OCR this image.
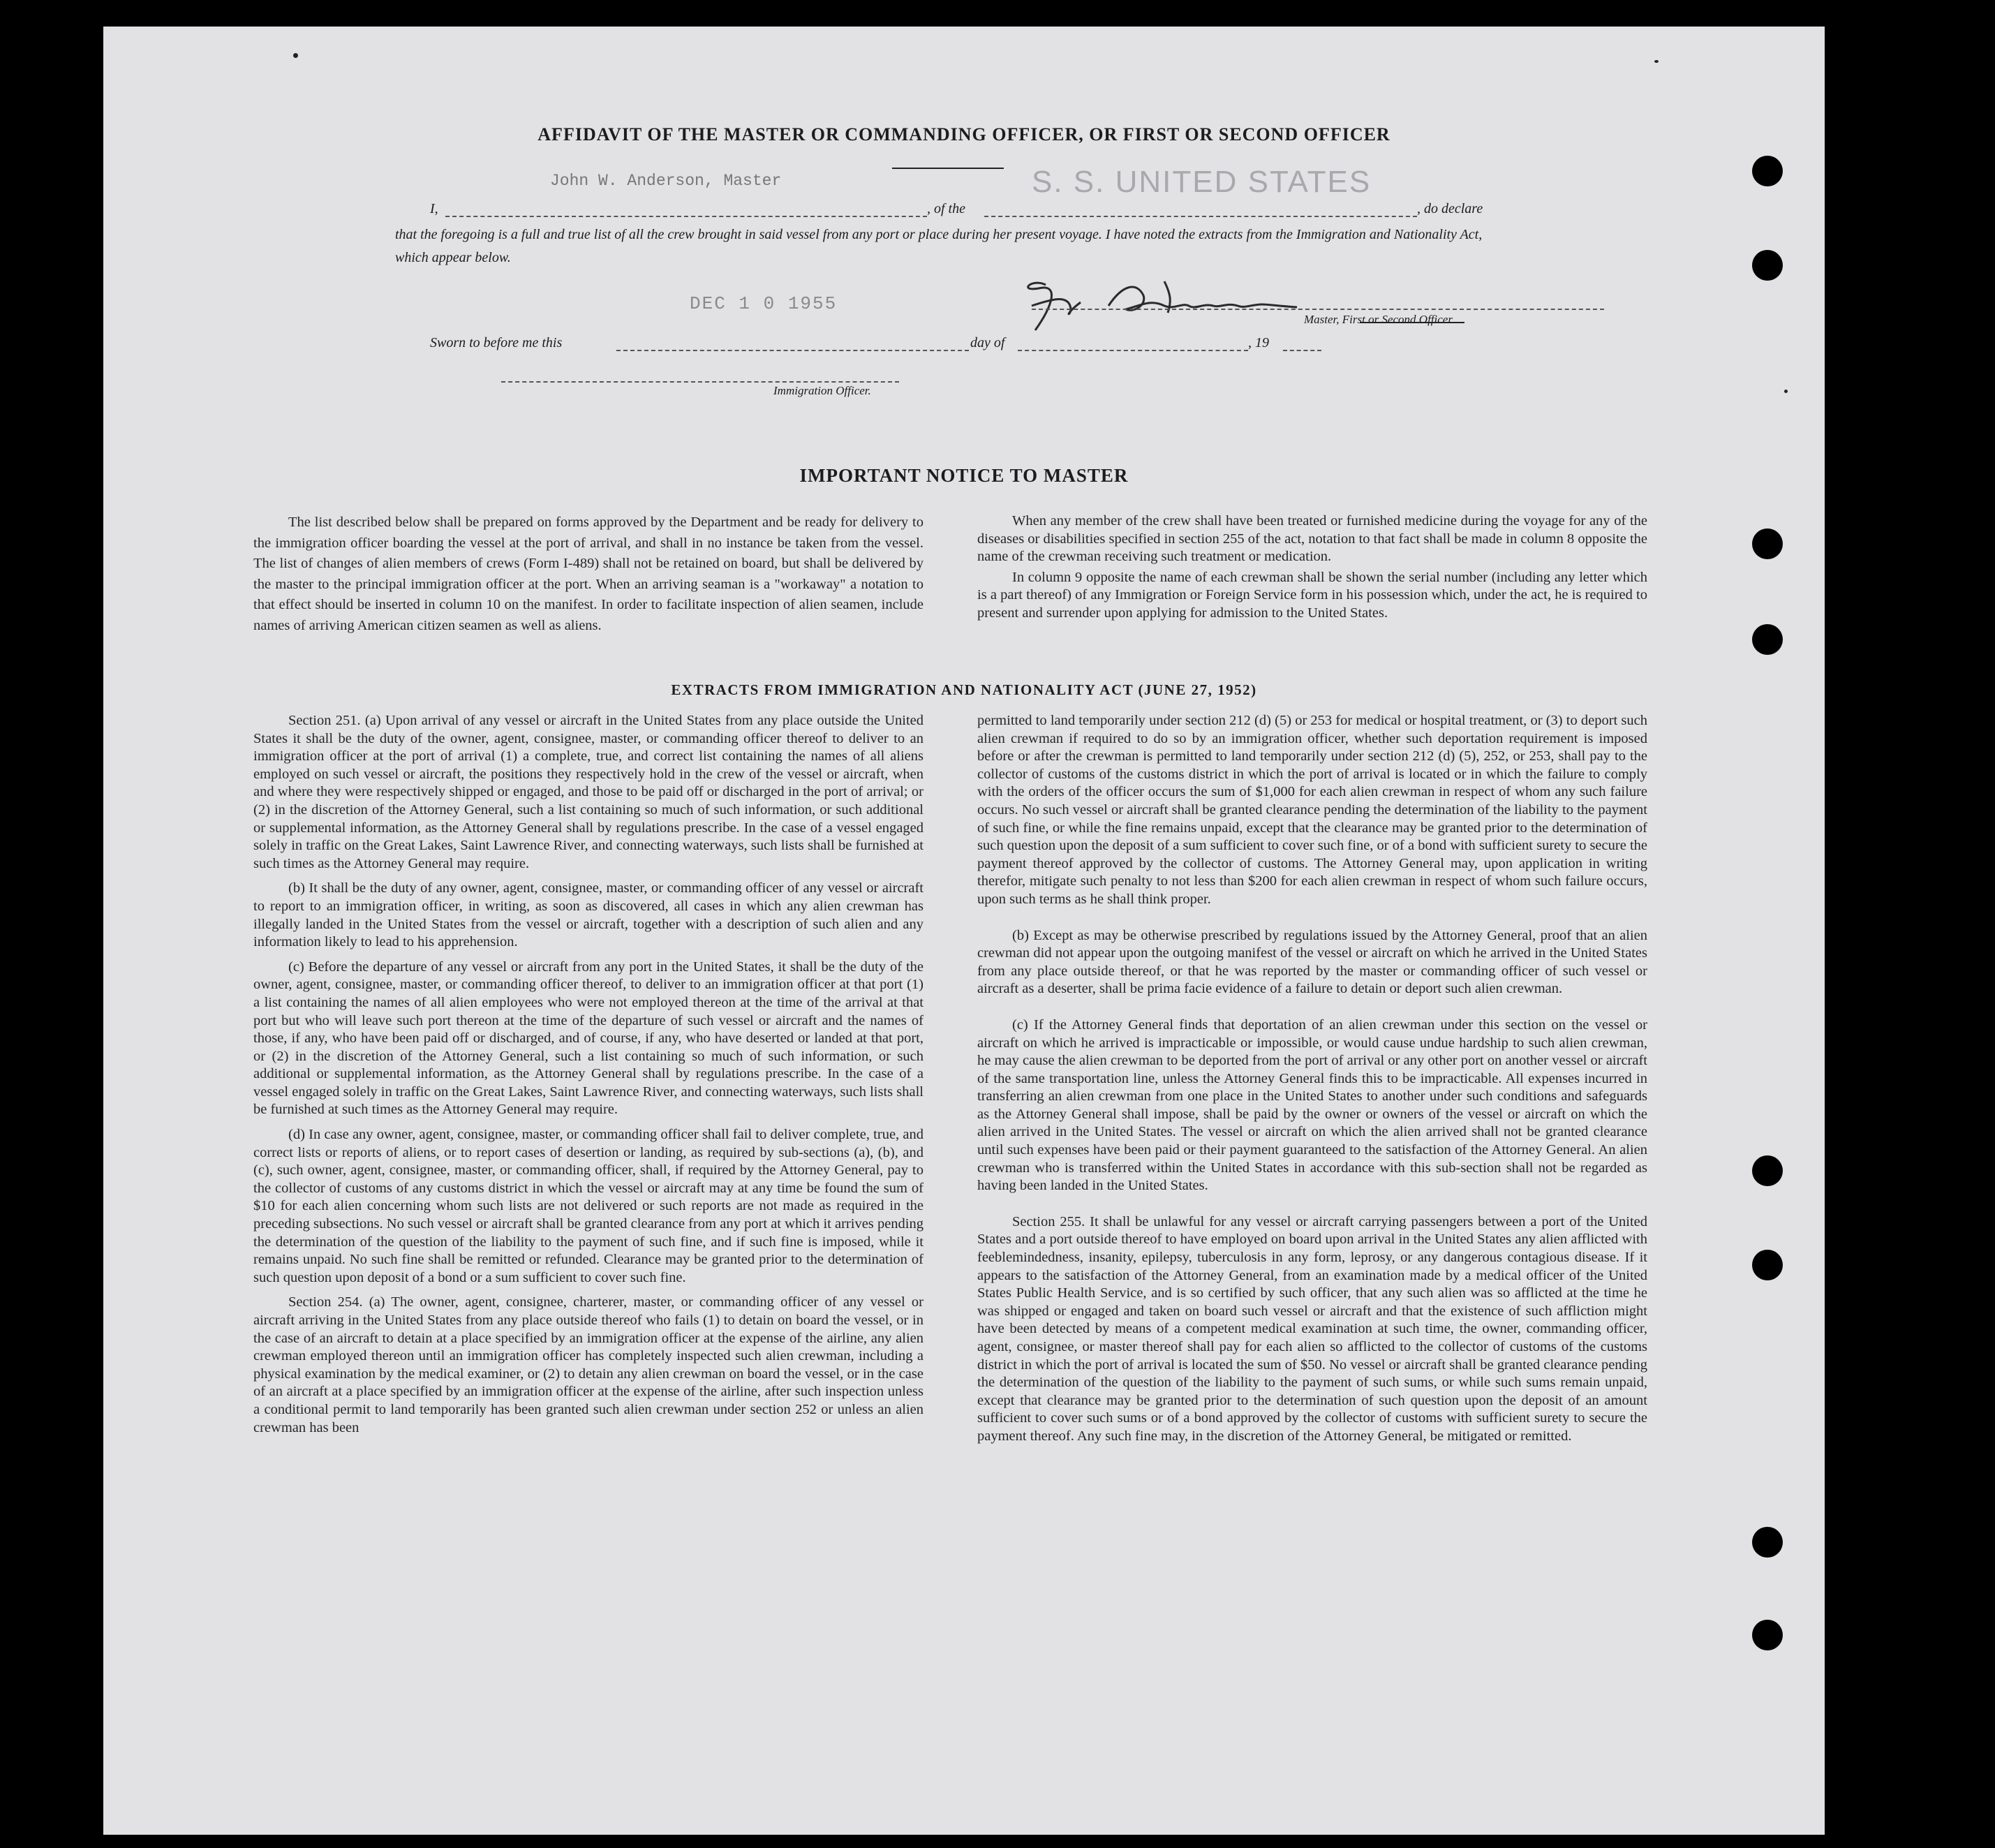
AFFIDAVIT OF THE MASTER OR COMMANDING OFFICER, OR FIRST OR SECOND OFFICER
John W. Anderson, Master	S. S. UNITED STATES
I,	, of the	, do declare
that the foregoing is a full and true list of all the crew brought in said vessel from any port or place during her present voyage. I have noted the extracts from the Immigration and Nationality Act, which appear below.
DEC 1 0 1955
Master, First or Second Officer.
Sworn to before me this	day of	, 19
Immigration Officer.
IMPORTANT NOTICE TO MASTER

The list described below shall be prepared on forms approved by the Department and be ready for delivery to the immigration officer boarding the vessel at the port of arrival, and shall in no instance be taken from the vessel. The list of changes of alien members of crews (Form I-489) shall not be retained on board, but shall be delivered by the master to the principal immigration officer at the port. When an arriving seaman is a "workaway" a notation to that effect should be inserted in column 10 on the manifest. In order to facilitate inspection of alien seamen, include names of arriving American citizen seamen as well as aliens.

When any member of the crew shall have been treated or furnished medicine during the voyage for any of the diseases or disabilities specified in section 255 of the act, notation to that fact shall be made in column 8 opposite the name of the crewman receiving such treatment or medication.

In column 9 opposite the name of each crewman shall be shown the serial number (including any letter which is a part thereof) of any Immigration or Foreign Service form in his possession which, under the act, he is required to present and surrender upon applying for admission to the United States.

EXTRACTS FROM IMMIGRATION AND NATIONALITY ACT (JUNE 27, 1952)

Section 251. (a) Upon arrival of any vessel or aircraft in the United States from any place outside the United States it shall be the duty of the owner, agent, consignee, master, or commanding officer thereof to deliver to an immigration officer at the port of arrival (1) a complete, true, and correct list containing the names of all aliens employed on such vessel or aircraft, the positions they respectively hold in the crew of the vessel or aircraft, when and where they were respectively shipped or engaged, and those to be paid off or discharged in the port of arrival; or (2) in the discretion of the Attorney General, such a list containing so much of such information, or such additional or supplemental information, as the Attorney General shall by regulations prescribe. In the case of a vessel engaged solely in traffic on the Great Lakes, Saint Lawrence River, and connecting waterways, such lists shall be furnished at such times as the Attorney General may require.

(b) It shall be the duty of any owner, agent, consignee, master, or commanding officer of any vessel or aircraft to report to an immigration officer, in writing, as soon as discovered, all cases in which any alien crewman has illegally landed in the United States from the vessel or aircraft, together with a description of such alien and any information likely to lead to his apprehension.

(c) Before the departure of any vessel or aircraft from any port in the United States, it shall be the duty of the owner, agent, consignee, master, or commanding officer thereof, to deliver to an immigration officer at that port (1) a list containing the names of all alien employees who were not employed thereon at the time of the arrival at that port but who will leave such port thereon at the time of the departure of such vessel or aircraft and the names of those, if any, who have been paid off or discharged, and of course, if any, who have deserted or landed at that port, or (2) in the discretion of the Attorney General, such a list containing so much of such information, or such additional or supplemental information, as the Attorney General shall by regulations prescribe. In the case of a vessel engaged solely in traffic on the Great Lakes, Saint Lawrence River, and connecting waterways, such lists shall be furnished at such times as the Attorney General may require.

(d) In case any owner, agent, consignee, master, or commanding officer shall fail to deliver complete, true, and correct lists or reports of aliens, or to report cases of desertion or landing, as required by sub-sections (a), (b), and (c), such owner, agent, consignee, master, or commanding officer, shall, if required by the Attorney General, pay to the collector of customs of any customs district in which the vessel or aircraft may at any time be found the sum of $10 for each alien concerning whom such lists are not delivered or such reports are not made as required in the preceding subsections. No such vessel or aircraft shall be granted clearance from any port at which it arrives pending the determination of the question of the liability to the payment of such fine, and if such fine is imposed, while it remains unpaid. No such fine shall be remitted or refunded. Clearance may be granted prior to the determination of such question upon deposit of a bond or a sum sufficient to cover such fine.

Section 254. (a) The owner, agent, consignee, charterer, master, or commanding officer of any vessel or aircraft arriving in the United States from any place outside thereof who fails (1) to detain on board the vessel, or in the case of an aircraft to detain at a place specified by an immigration officer at the expense of the airline, any alien crewman employed thereon until an immigration officer has completely inspected such alien crewman, including a physical examination by the medical examiner, or (2) to detain any alien crewman on board the vessel, or in the case of an aircraft at a place specified by an immigration officer at the expense of the airline, after such inspection unless a conditional permit to land temporarily has been granted such alien crewman under section 252 or unless an alien crewman has been

permitted to land temporarily under section 212 (d) (5) or 253 for medical or hospital treatment, or (3) to deport such alien crewman if required to do so by an immigration officer, whether such deportation requirement is imposed before or after the crewman is permitted to land temporarily under section 212 (d) (5), 252, or 253, shall pay to the collector of customs of the customs district in which the port of arrival is located or in which the failure to comply with the orders of the officer occurs the sum of $1,000 for each alien crewman in respect of whom any such failure occurs. No such vessel or aircraft shall be granted clearance pending the determination of the liability to the payment of such fine, or while the fine remains unpaid, except that the clearance may be granted prior to the determination of such question upon the deposit of a sum sufficient to cover such fine, or of a bond with sufficient surety to secure the payment thereof approved by the collector of customs. The Attorney General may, upon application in writing therefor, mitigate such penalty to not less than $200 for each alien crewman in respect of whom such failure occurs, upon such terms as he shall think proper.

(b) Except as may be otherwise prescribed by regulations issued by the Attorney General, proof that an alien crewman did not appear upon the outgoing manifest of the vessel or aircraft on which he arrived in the United States from any place outside thereof, or that he was reported by the master or commanding officer of such vessel or aircraft as a deserter, shall be prima facie evidence of a failure to detain or deport such alien crewman.

(c) If the Attorney General finds that deportation of an alien crewman under this section on the vessel or aircraft on which he arrived is impracticable or impossible, or would cause undue hardship to such alien crewman, he may cause the alien crewman to be deported from the port of arrival or any other port on another vessel or aircraft of the same transportation line, unless the Attorney General finds this to be impracticable. All expenses incurred in transferring an alien crewman from one place in the United States to another under such conditions and safeguards as the Attorney General shall impose, shall be paid by the owner or owners of the vessel or aircraft on which the alien arrived in the United States. The vessel or aircraft on which the alien arrived shall not be granted clearance until such expenses have been paid or their payment guaranteed to the satisfaction of the Attorney General. An alien crewman who is transferred within the United States in accordance with this sub-section shall not be regarded as having been landed in the United States.

Section 255. It shall be unlawful for any vessel or aircraft carrying passengers between a port of the United States and a port outside thereof to have employed on board upon arrival in the United States any alien afflicted with feeblemindedness, insanity, epilepsy, tuberculosis in any form, leprosy, or any dangerous contagious disease. If it appears to the satisfaction of the Attorney General, from an examination made by a medical officer of the United States Public Health Service, and is so certified by such officer, that any such alien was so afflicted at the time he was shipped or engaged and taken on board such vessel or aircraft and that the existence of such affliction might have been detected by means of a competent medical examination at such time, the owner, commanding officer, agent, consignee, or master thereof shall pay for each alien so afflicted to the collector of customs of the customs district in which the port of arrival is located the sum of $50. No vessel or aircraft shall be granted clearance pending the determination of the question of the liability to the payment of such sums, or while such sums remain unpaid, except that clearance may be granted prior to the determination of such question upon the deposit of an amount sufficient to cover such sums or of a bond approved by the collector of customs with sufficient surety to secure the payment thereof. Any such fine may, in the discretion of the Attorney General, be mitigated or remitted.
